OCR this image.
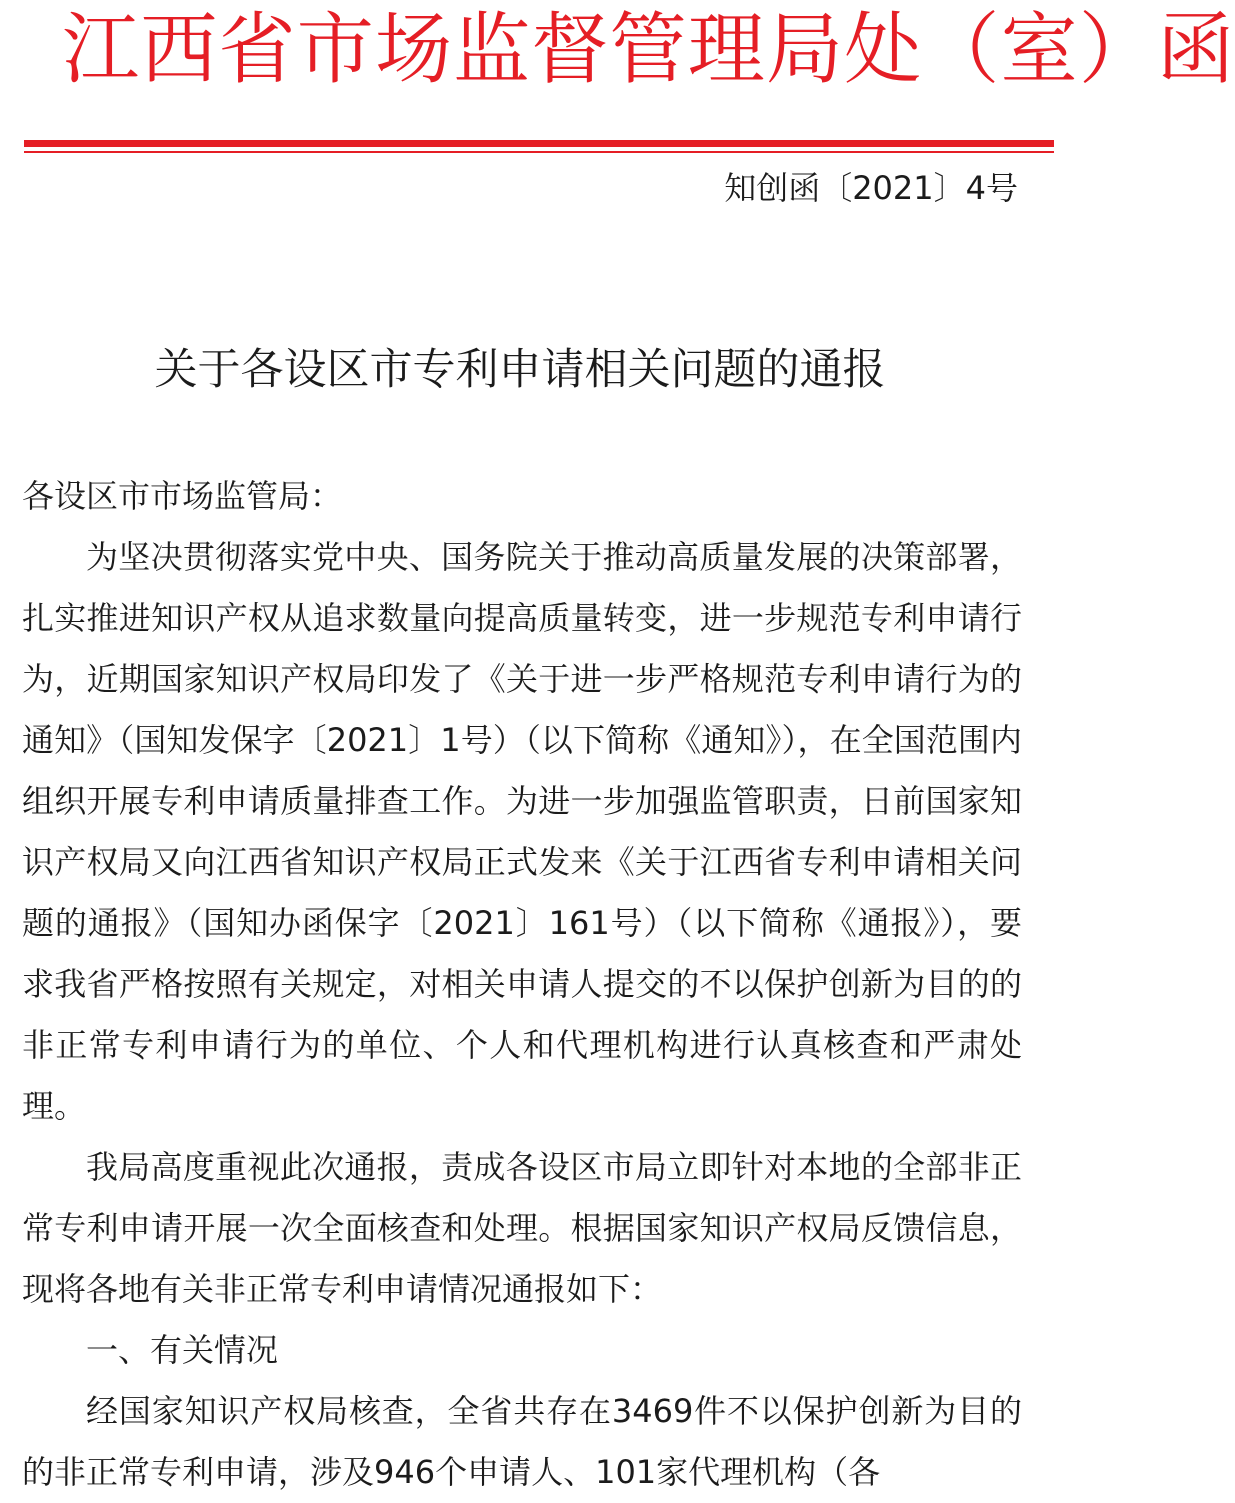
江西省市场监督管理局处（室）函
知创函〔2021〕4号
关于各设区市专利申请相关问题的通报

各设区市市场监管局：

为坚决贯彻落实党中央、国务院关于推动高质量发展的决策部署，扎实推进知识产权从追求数量向提高质量转变，进一步规范专利申请行为，近期国家知识产权局印发了《关于进一步严格规范专利申请行为的通知》（国知发保字〔2021〕1号）（以下简称《通知》），在全国范围内组织开展专利申请质量排查工作。为进一步加强监管职责，日前国家知识产权局又向江西省知识产权局正式发来《关于江西省专利申请相关问题的通报》（国知办函保字〔2021〕161号）（以下简称《通报》），要求我省严格按照有关规定，对相关申请人提交的不以保护创新为目的的非正常专利申请行为的单位、个人和代理机构进行认真核查和严肃处理。

我局高度重视此次通报，责成各设区市局立即针对本地的全部非正常专利申请开展一次全面核查和处理。根据国家知识产权局反馈信息，现将各地有关非正常专利申请情况通报如下：

一、有关情况

经国家知识产权局核查，全省共存在3469件不以保护创新为目的的非正常专利申请，涉及946个申请人、101家代理机构（各
